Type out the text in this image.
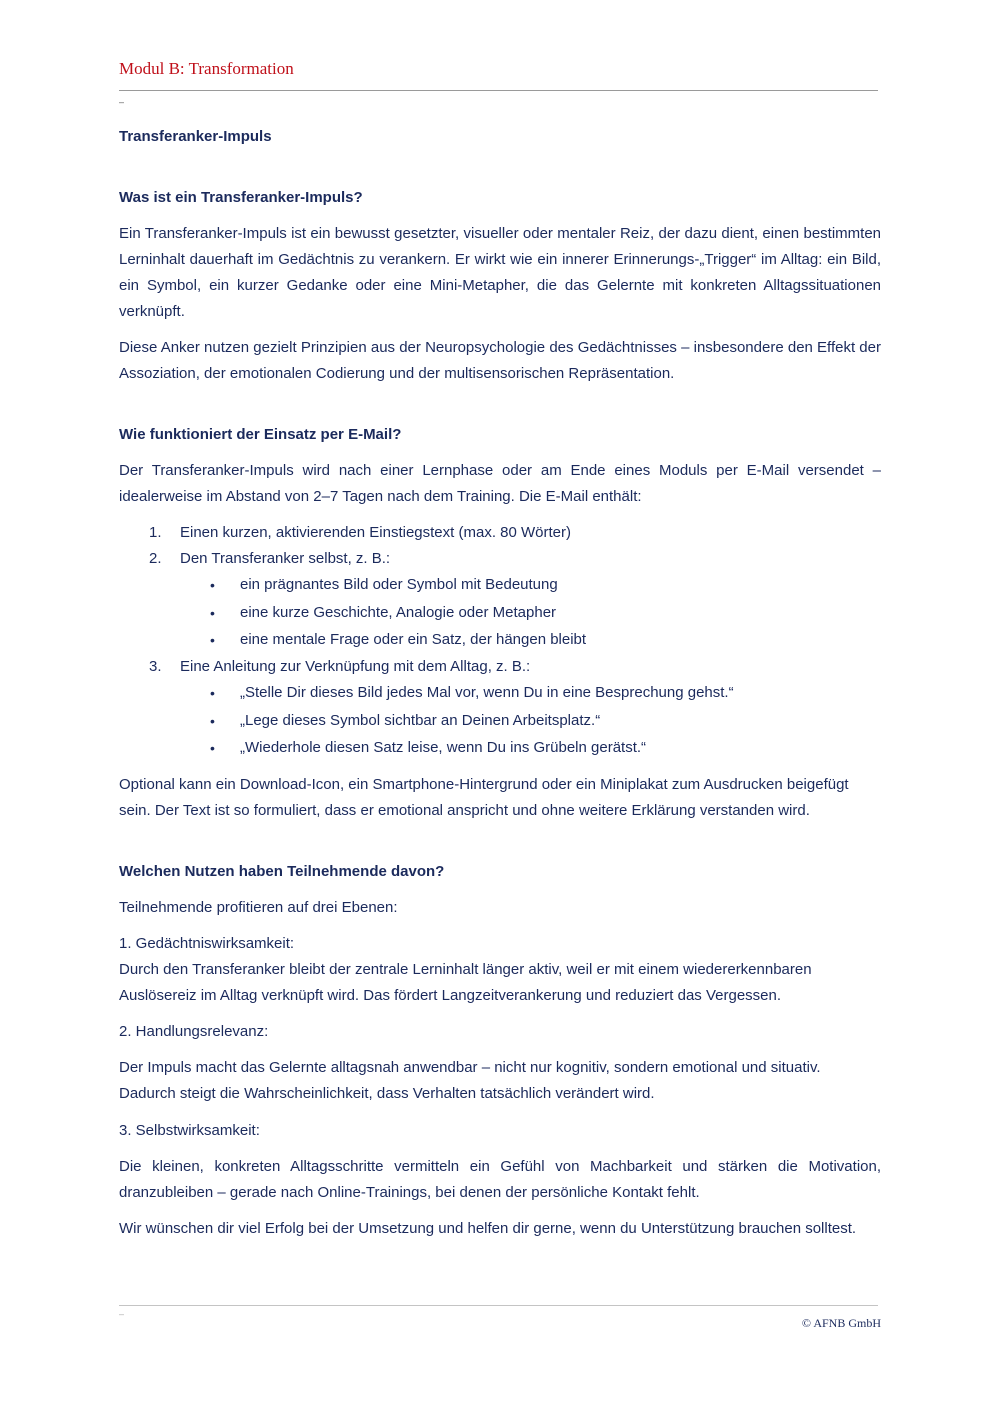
Modul B: Transformation
–
Transferanker-Impuls
Was ist ein Transferanker-Impuls?
Ein Transferanker-Impuls ist ein bewusst gesetzter, visueller oder mentaler Reiz, der dazu dient, einen bestimmten Lerninhalt dauerhaft im Gedächtnis zu verankern. Er wirkt wie ein innerer Erinnerungs-„Trigger“ im Alltag: ein Bild, ein Symbol, ein kurzer Gedanke oder eine Mini-Metapher, die das Gelernte mit konkreten Alltagssituationen verknüpft.
Diese Anker nutzen gezielt Prinzipien aus der Neuropsychologie des Gedächtnisses – insbesondere den Effekt der Assoziation, der emotionalen Codierung und der multisensorischen Repräsentation.
Wie funktioniert der Einsatz per E-Mail?
Der Transferanker-Impuls wird nach einer Lernphase oder am Ende eines Moduls per E-Mail versendet – idealerweise im Abstand von 2–7 Tagen nach dem Training. Die E-Mail enthält:
1. Einen kurzen, aktivierenden Einstiegstext (max. 80 Wörter)
2. Den Transferanker selbst, z. B.:
• ein prägnantes Bild oder Symbol mit Bedeutung
• eine kurze Geschichte, Analogie oder Metapher
• eine mentale Frage oder ein Satz, der hängen bleibt
3. Eine Anleitung zur Verknüpfung mit dem Alltag, z. B.:
• „Stelle Dir dieses Bild jedes Mal vor, wenn Du in eine Besprechung gehst.“
• „Lege dieses Symbol sichtbar an Deinen Arbeitsplatz.“
• „Wiederhole diesen Satz leise, wenn Du ins Grübeln gerätst.“
Optional kann ein Download-Icon, ein Smartphone-Hintergrund oder ein Miniplakat zum Ausdrucken beigefügt sein. Der Text ist so formuliert, dass er emotional anspricht und ohne weitere Erklärung verstanden wird.
Welchen Nutzen haben Teilnehmende davon?
Teilnehmende profitieren auf drei Ebenen:
1. Gedächtniswirksamkeit:
Durch den Transferanker bleibt der zentrale Lerninhalt länger aktiv, weil er mit einem wiedererkennbaren Auslösereiz im Alltag verknüpft wird. Das fördert Langzeitverankerung und reduziert das Vergessen.
2. Handlungsrelevanz:
Der Impuls macht das Gelernte alltagsnah anwendbar – nicht nur kognitiv, sondern emotional und situativ. Dadurch steigt die Wahrscheinlichkeit, dass Verhalten tatsächlich verändert wird.
3. Selbstwirksamkeit:
Die kleinen, konkreten Alltagsschritte vermitteln ein Gefühl von Machbarkeit und stärken die Motivation, dranzubleiben – gerade nach Online-Trainings, bei denen der persönliche Kontakt fehlt.
Wir wünschen dir viel Erfolg bei der Umsetzung und helfen dir gerne, wenn du Unterstützung brauchen solltest.
–
© AFNB GmbH
